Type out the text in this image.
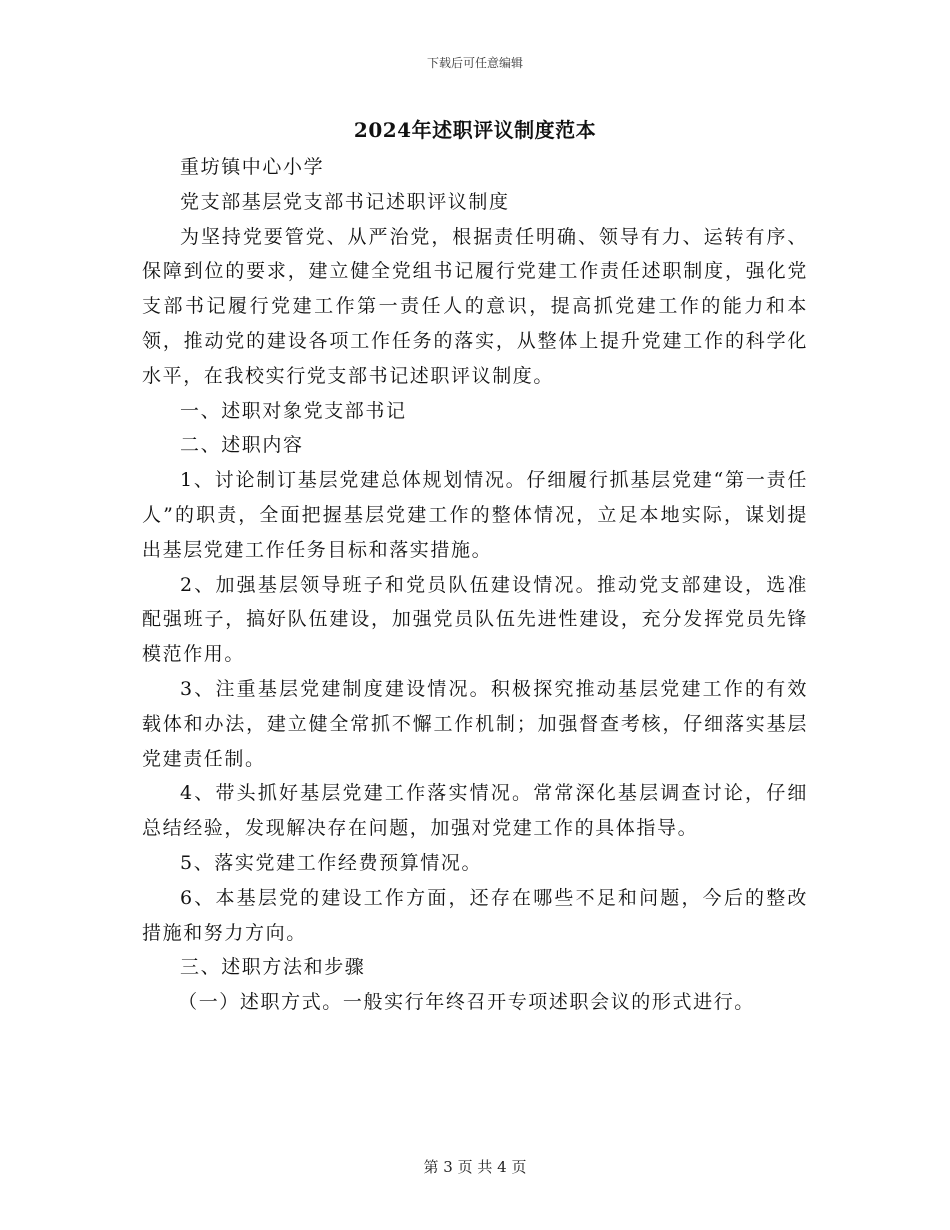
下载后可任意编辑
2024年述职评议制度范本

重坊镇中心小学

党支部基层党支部书记述职评议制度

为坚持党要管党、从严治党，根据责任明确、领导有力、运转有序、保障到位的要求，建立健全党组书记履行党建工作责任述职制度，强化党支部书记履行党建工作第一责任人的意识，提高抓党建工作的能力和本领，推动党的建设各项工作任务的落实，从整体上提升党建工作的科学化水平，在我校实行党支部书记述职评议制度。

一、述职对象党支部书记

二、述职内容

1、讨论制订基层党建总体规划情况。仔细履行抓基层党建“第一责任人”的职责，全面把握基层党建工作的整体情况，立足本地实际，谋划提出基层党建工作任务目标和落实措施。

2、加强基层领导班子和党员队伍建设情况。推动党支部建设，选准配强班子，搞好队伍建设，加强党员队伍先进性建设，充分发挥党员先锋模范作用。

3、注重基层党建制度建设情况。积极探究推动基层党建工作的有效载体和办法，建立健全常抓不懈工作机制；加强督查考核，仔细落实基层党建责任制。

4、带头抓好基层党建工作落实情况。常常深化基层调查讨论，仔细总结经验，发现解决存在问题，加强对党建工作的具体指导。

5、落实党建工作经费预算情况。

6、本基层党的建设工作方面，还存在哪些不足和问题，今后的整改措施和努力方向。

三、述职方法和步骤

（一）述职方式。一般实行年终召开专项述职会议的形式进行。

第 3 页 共 4 页
